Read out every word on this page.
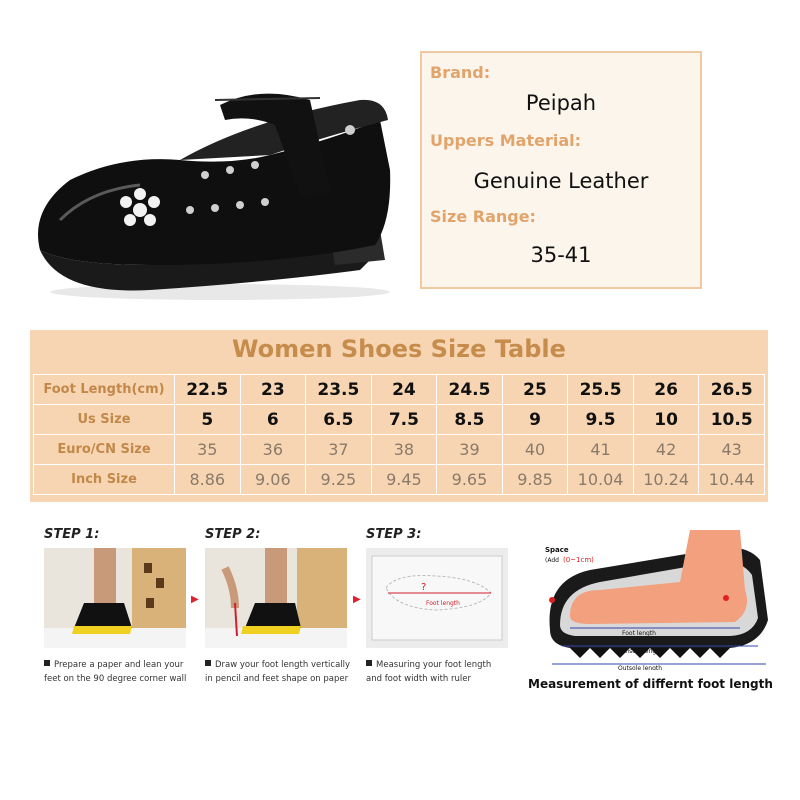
Brand:
Peipah
Uppers Material:
Genuine Leather
Size Range:
35-41
Women Shoes Size Table
Foot Length(cm)	22.5	23	23.5	24	24.5	25	25.5	26	26.5
Us Size	5	6	6.5	7.5	8.5	9	9.5	10	10.5
Euro/CN Size	35	36	37	38	39	40	41	42	43
Inch Size	8.86	9.06	9.25	9.45	9.65	9.85	10.04	10.24	10.44
STEP 1:
Prepare a paper and lean your
feet on the 90 degree corner wall
▶
STEP 2:
Draw your foot length vertically
in pencil and feet shape on paper
▶
STEP 3:
?
Foot length
Measuring your foot length
and foot width with ruler
Space
(Add (0~1cm)
Foot length
Lnsole length
Outsole length
Measurement of differnt foot length
